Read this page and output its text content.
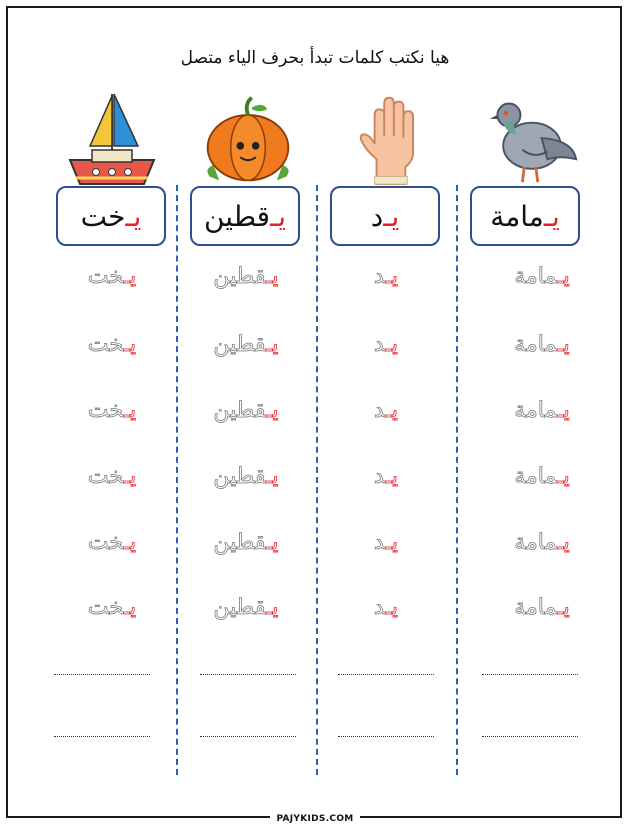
هيا نكتب كلمات تبدأ بحرف الياء متصل
يـ
خت
يـخت
يـخت
يـخت
يـخت
يـخت
يـخت
يـ
قطين
يـقطين
يـقطين
يـقطين
يـقطين
يـقطين
يـقطين
يـ
د
يـد
يـد
يـد
يـد
يـد
يـد
يـ
مامة
يـمامة
يـمامة
يـمامة
يـمامة
يـمامة
يـمامة
PAJYKIDS.COM
